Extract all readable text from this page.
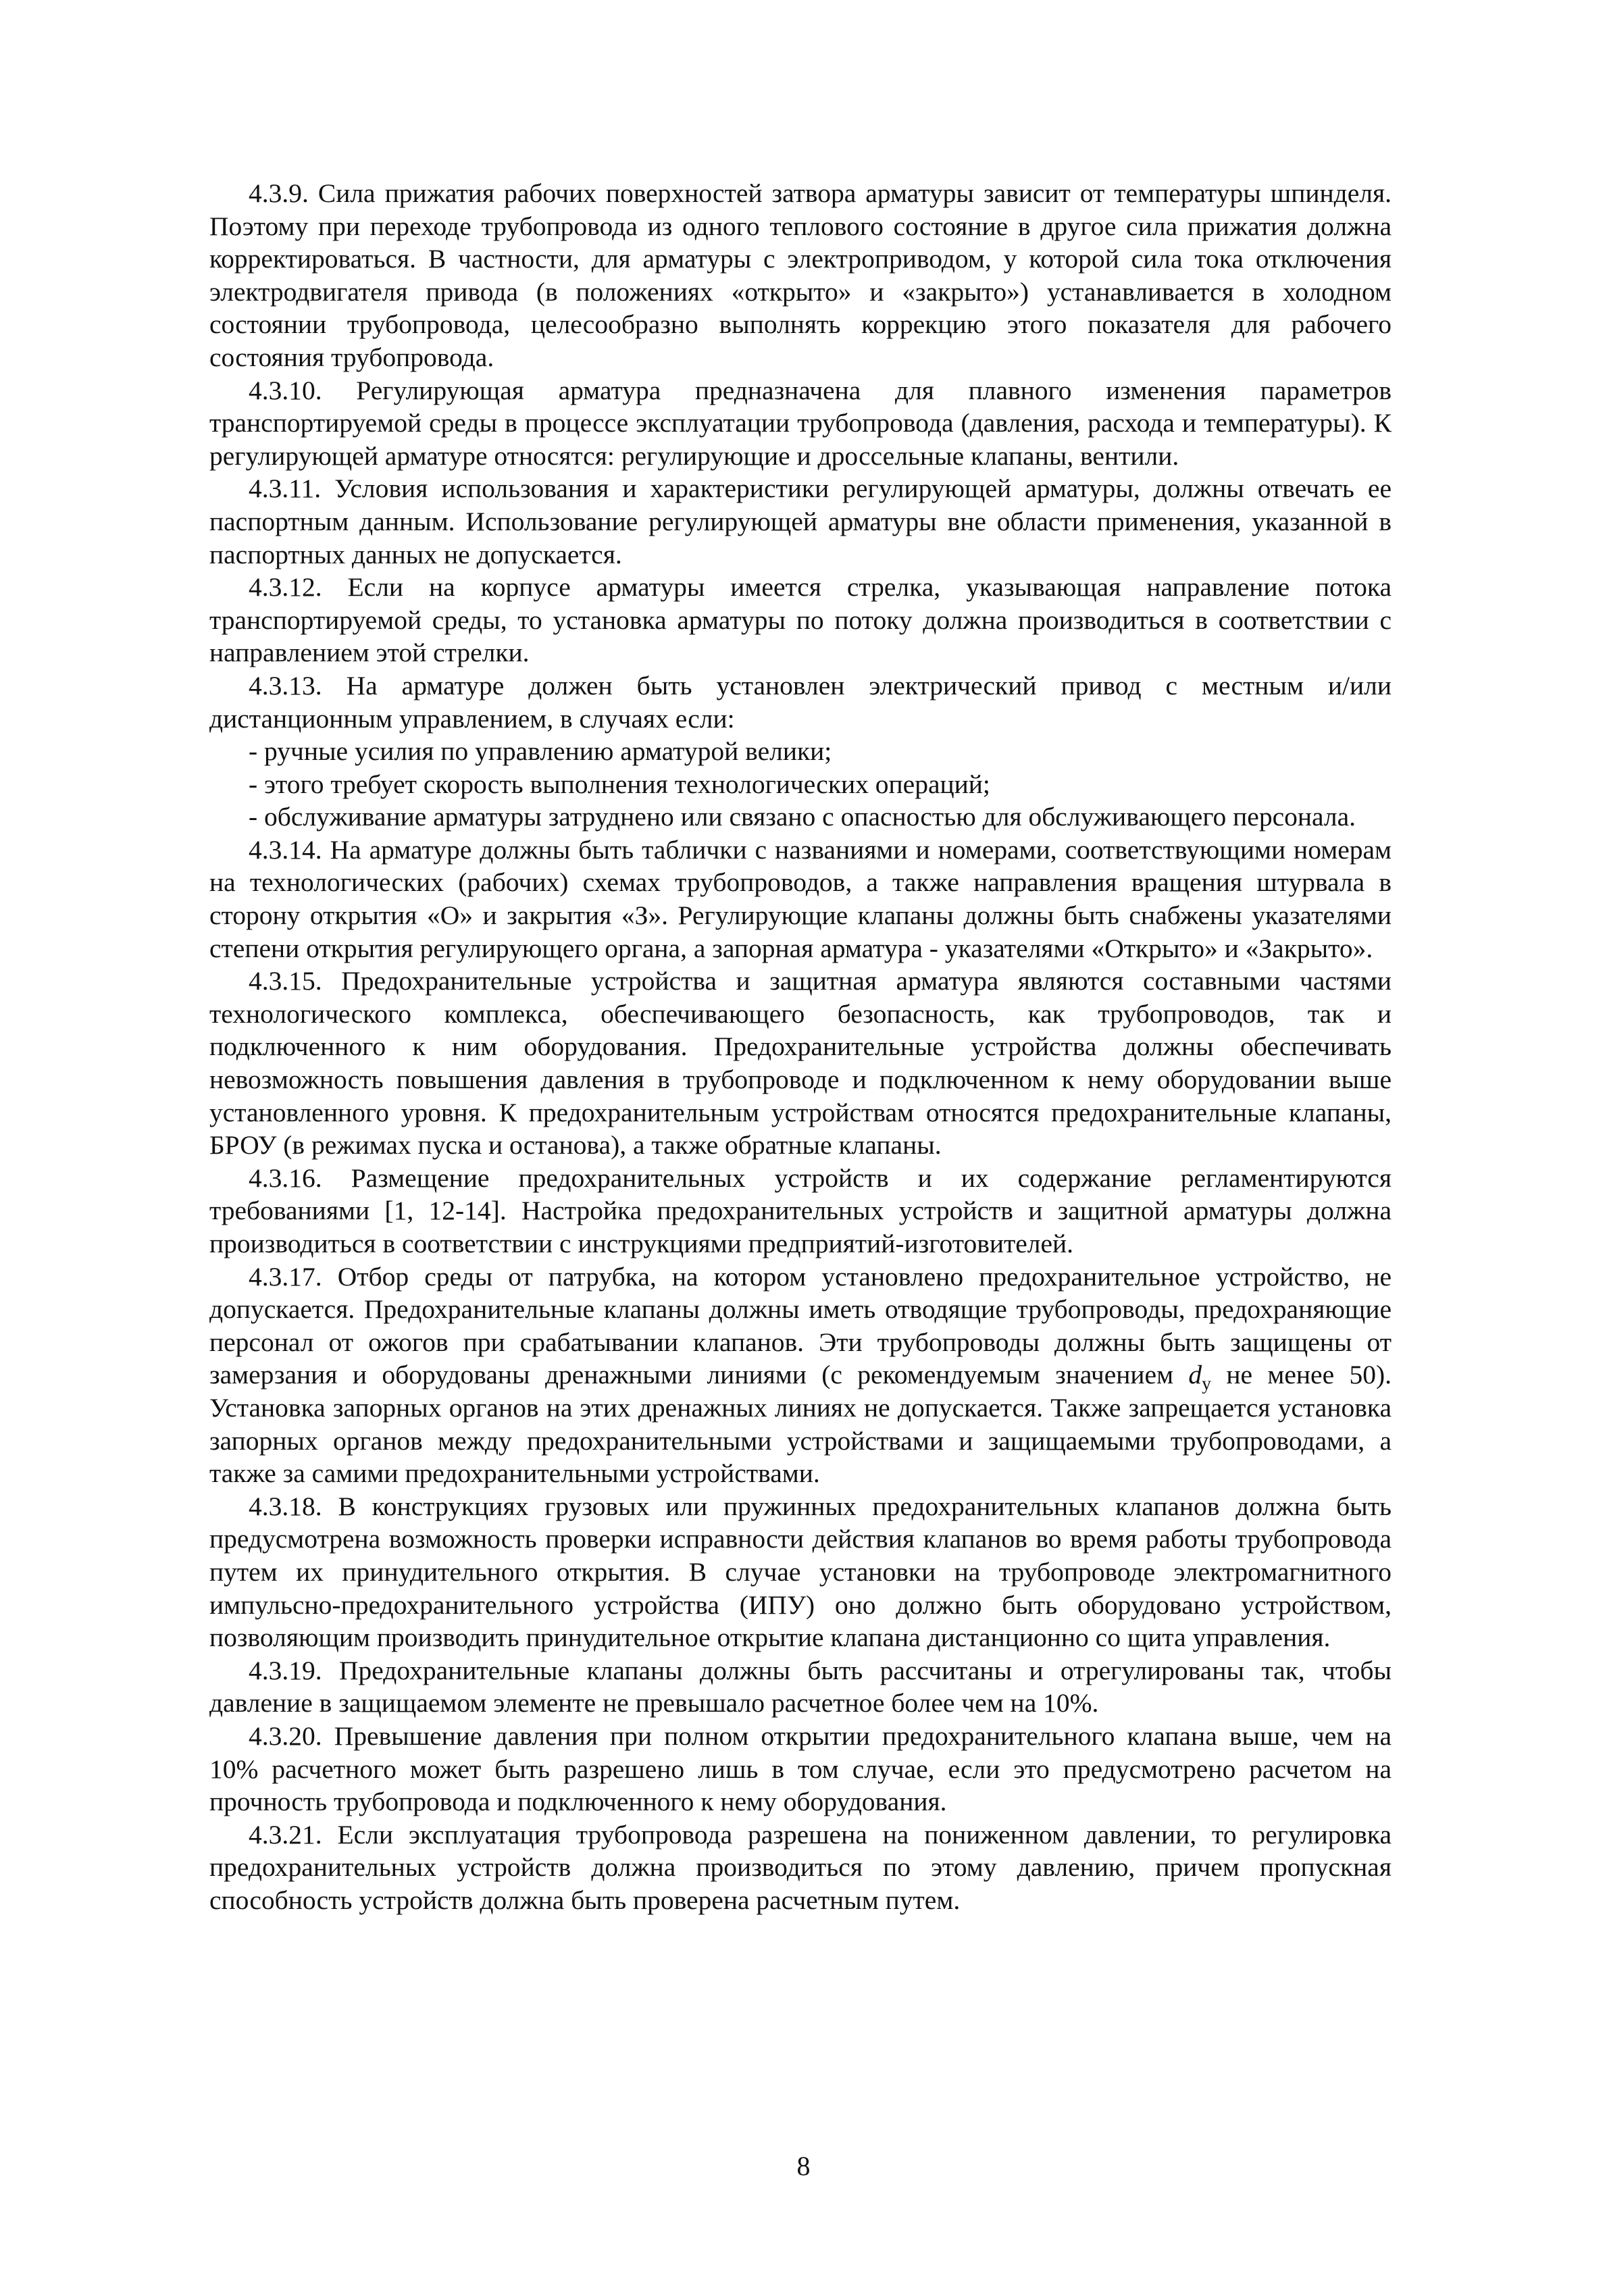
4.3.9. Сила прижатия рабочих поверхностей затвора арматуры зависит от температуры шпинделя. Поэтому при переходе трубопровода из одного теплового состояние в другое сила прижатия должна корректироваться. В частности, для арматуры с электроприводом, у которой сила тока отключения электродвигателя привода (в положениях «открыто» и «закрыто») устанавливается в холодном состоянии трубопровода, целесообразно выполнять коррекцию этого показателя для рабочего состояния трубопровода.

4.3.10. Регулирующая арматура предназначена для плавного изменения параметров транспортируемой среды в процессе эксплуатации трубопровода (давления, расхода и температуры). К регулирующей арматуре относятся: регулирующие и дроссельные клапаны, вентили.

4.3.11. Условия использования и характеристики регулирующей арматуры, должны отвечать ее паспортным данным. Использование регулирующей арматуры вне области применения, указанной в паспортных данных не допускается.

4.3.12. Если на корпусе арматуры имеется стрелка, указывающая направление потока транспортируемой среды, то установка арматуры по потоку должна производиться в соответствии с направлением этой стрелки.

4.3.13. На арматуре должен быть установлен электрический привод с местным и/или дистанционным управлением, в случаях если:

- ручные усилия по управлению арматурой велики;

- этого требует скорость выполнения технологических операций;

- обслуживание арматуры затруднено или связано с опасностью для обслуживающего персонала.

4.3.14. На арматуре должны быть таблички с названиями и номерами, соответствующими номерам на технологических (рабочих) схемах трубопроводов, а также направления вращения штурвала в сторону открытия «О» и закрытия «З». Регулирующие клапаны должны быть снабжены указателями степени открытия регулирующего органа, а запорная арматура - указателями «Открыто» и «Закрыто».

4.3.15. Предохранительные устройства и защитная арматура являются составными частями технологического комплекса, обеспечивающего безопасность, как трубопроводов, так и подключенного к ним оборудования. Предохранительные устройства должны обеспечивать невозможность повышения давления в трубопроводе и подключенном к нему оборудовании выше установленного уровня. К предохранительным устройствам относятся предохранительные клапаны, БРОУ (в режимах пуска и останова), а также обратные клапаны.

4.3.16. Размещение предохранительных устройств и их содержание регламентируются требованиями [1, 12-14]. Настройка предохранительных устройств и защитной арматуры должна производиться в соответствии с инструкциями предприятий-изготовителей.

4.3.17. Отбор среды от патрубка, на котором установлено предохранительное устройство, не допускается. Предохранительные клапаны должны иметь отводящие трубопроводы, предохраняющие персонал от ожогов при срабатывании клапанов. Эти трубопроводы должны быть защищены от замерзания и оборудованы дренажными линиями (с рекомендуемым значением $d_y$ не менее 50). Установка запорных органов на этих дренажных линиях не допускается. Также запрещается установка запорных органов между предохранительными устройствами и защищаемыми трубопроводами, а также за самими предохранительными устройствами.

4.3.18. В конструкциях грузовых или пружинных предохранительных клапанов должна быть предусмотрена возможность проверки исправности действия клапанов во время работы трубопровода путем их принудительного открытия. В случае установки на трубопроводе электромагнитного импульсно-предохранительного устройства (ИПУ) оно должно быть оборудовано устройством, позволяющим производить принудительное открытие клапана дистанционно со щита управления.

4.3.19. Предохранительные клапаны должны быть рассчитаны и отрегулированы так, чтобы давление в защищаемом элементе не превышало расчетное более чем на 10%.

4.3.20. Превышение давления при полном открытии предохранительного клапана выше, чем на 10% расчетного может быть разрешено лишь в том случае, если это предусмотрено расчетом на прочность трубопровода и подключенного к нему оборудования.

4.3.21. Если эксплуатация трубопровода разрешена на пониженном давлении, то регулировка предохранительных устройств должна производиться по этому давлению, причем пропускная способность устройств должна быть проверена расчетным путем.

8
